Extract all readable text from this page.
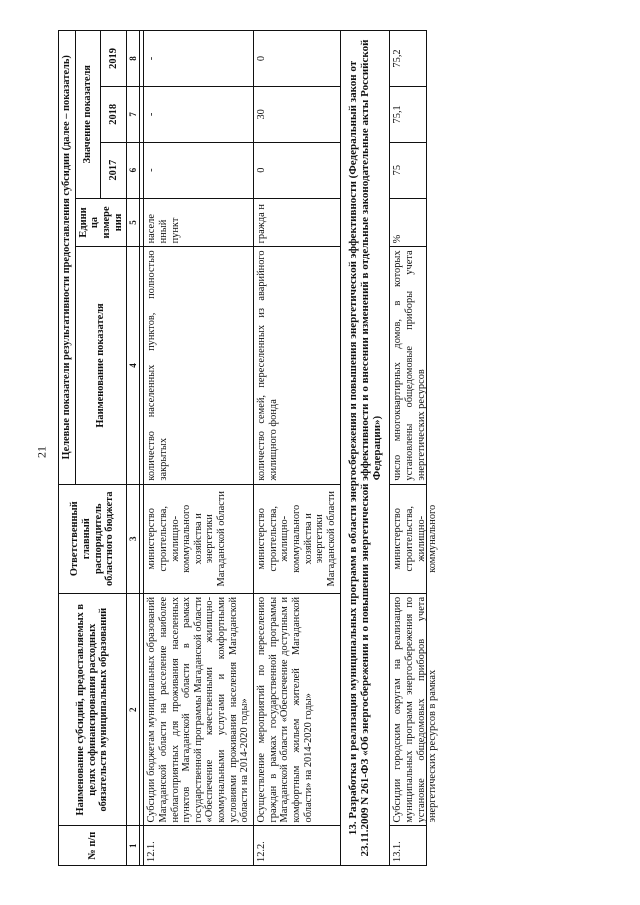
21
№ п/п	Наименование субсидий, предоставляемых в целях софинансирования расходных обязательств муниципальных образований	Ответственный главный распорядитель областного бюджета	Целевые показатели результативности предоставления субсидии (далее – показатель)				
			Наименование показателя	Едини ца измере ния	Значение показателя		
					2017	2018	2019
1	2	3	4	5	6	7	8

12.1.	Субсидии бюджетам муниципальных образований Магаданской области на расселение наиболее неблагоприятных для проживания населенных пунктов Магаданской области в рамках государственной программы Магаданской области «Обеспечение качественными жилищно-коммунальными услугами и комфортными условиями проживания населения Магаданской области на 2014-2020 годы»	министерство строительства, жилищно-коммунального хозяйства и энергетики Магаданской области	количество населенных пунктов, полностью закрытых	населе нный пункт	-	-	-
12.2.	Осуществление мероприятий по переселению граждан в рамках государственной программы Магаданской области «Обеспечение доступным и комфортным жильем жителей Магаданской области» на 2014-2020 годы»	министерство строительства, жилищно-коммунального хозяйства и энергетики Магаданской области	количество семей, переселенных из аварийного жилищного фонда	гражда н	0	30	0
13. Разработка и реализация муниципальных программ в области энергосбережения и повышения энергетической эффективности (Федеральный закон от 23.11.2009 N 261-ФЗ «Об энергосбережении и о повышении энергетической эффективности и о внесении изменений в отдельные законодательные акты Российской Федерации»)							
13.1.	Субсидии городским округам на реализацию муниципальных программ энергосбережения по установке общедомовых приборов учета энергетических ресурсов в рамках	министерство строительства, жилищно-коммунального	число многоквартирных домов, в которых установлены общедомовые приборы учета энергетических ресурсов	%	75	75,1	75,2
